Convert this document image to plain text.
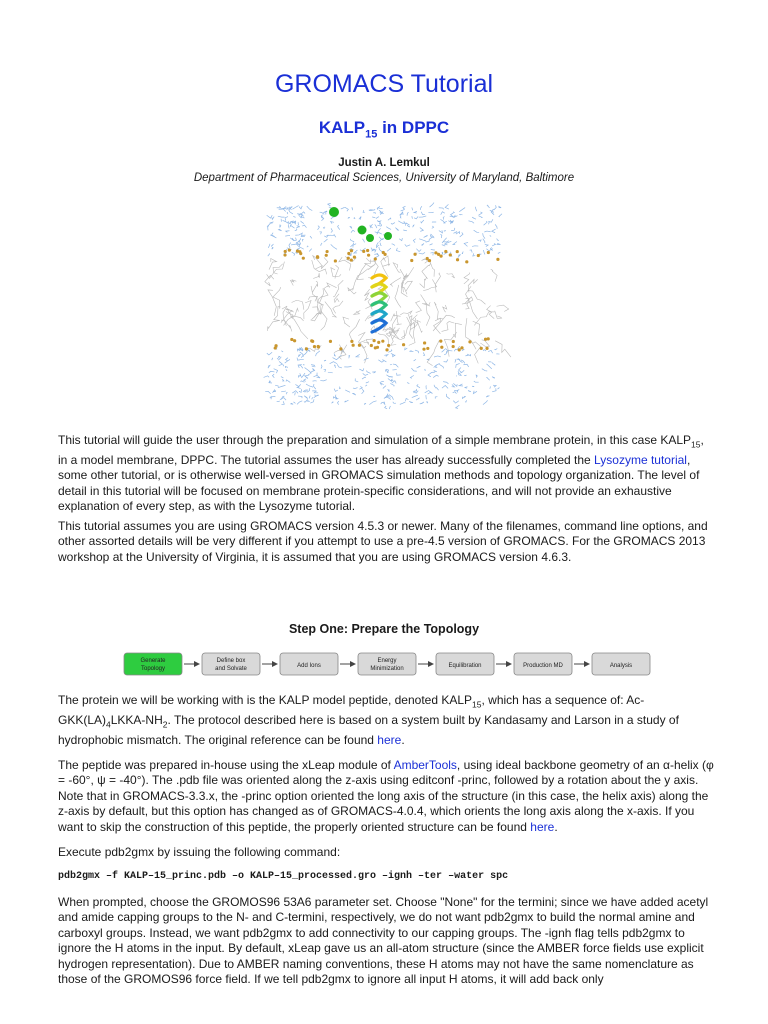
GROMACS Tutorial
$KALP_{15}$ in DPPC
Justin A. Lemkul
Department of Pharmaceutical Sciences, University of Maryland, Baltimore

This tutorial will guide the user through the preparation and simulation of a simple membrane protein, in this case $KALP_{15}$, in a model membrane, DPPC. The tutorial assumes the user has already successfully completed the Lysozyme tutorial, some other tutorial, or is otherwise well-versed in GROMACS simulation methods and topology organization. The level of detail in this tutorial will be focused on membrane protein-specific considerations, and will not provide an exhaustive explanation of every step, as with the Lysozyme tutorial.

This tutorial assumes you are using GROMACS version 4.5.3 or newer. Many of the filenames, command line options, and other assorted details will be very different if you attempt to use a pre-4.5 version of GROMACS. For the GROMACS 2013 workshop at the University of Virginia, it is assumed that you are using GROMACS version 4.6.3.

Step One: Prepare the Topology
Generate
Topology
Define box
and Solvate	Add Ions
Energy
Minimization	Equilibration	Production MD	Analysis

The protein we will be working with is the KALP model peptide, denoted $KALP_{15}$, which has a sequence of: $Ac-GKK(LA)_4LKKA-NH_2$. The protocol described here is based on a system built by Kandasamy and Larson in a study of hydrophobic mismatch. The original reference can be found here.

The peptide was prepared in-house using the xLeap module of AmberTools, using ideal backbone geometry of an α-helix (φ = -60°, ψ = -40°). The .pdb file was oriented along the z-axis using editconf -princ, followed by a rotation about the y axis. Note that in GROMACS-3.3.x, the -princ option oriented the long axis of the structure (in this case, the helix axis) along the z-axis by default, but this option has changed as of GROMACS-4.0.4, which orients the long axis along the x-axis. If you want to skip the construction of this peptide, the properly oriented structure can be found here.

Execute pdb2gmx by issuing the following command:

pdb2gmx –f KALP–15_princ.pdb –o KALP–15_processed.gro –ignh –ter –water spc

When prompted, choose the GROMOS96 53A6 parameter set. Choose "None" for the termini; since we have added acetyl and amide capping groups to the N- and C-termini, respectively, we do not want pdb2gmx to build the normal amine and carboxyl groups. Instead, we want pdb2gmx to add connectivity to our capping groups. The -ignh flag tells pdb2gmx to ignore the H atoms in the input. By default, xLeap gave us an all-atom structure (since the AMBER force fields use explicit hydrogen representation). Due to AMBER naming conventions, these H atoms may not have the same nomenclature as those of the GROMOS96 force field. If we tell pdb2gmx to ignore all input H atoms, it will add back only
